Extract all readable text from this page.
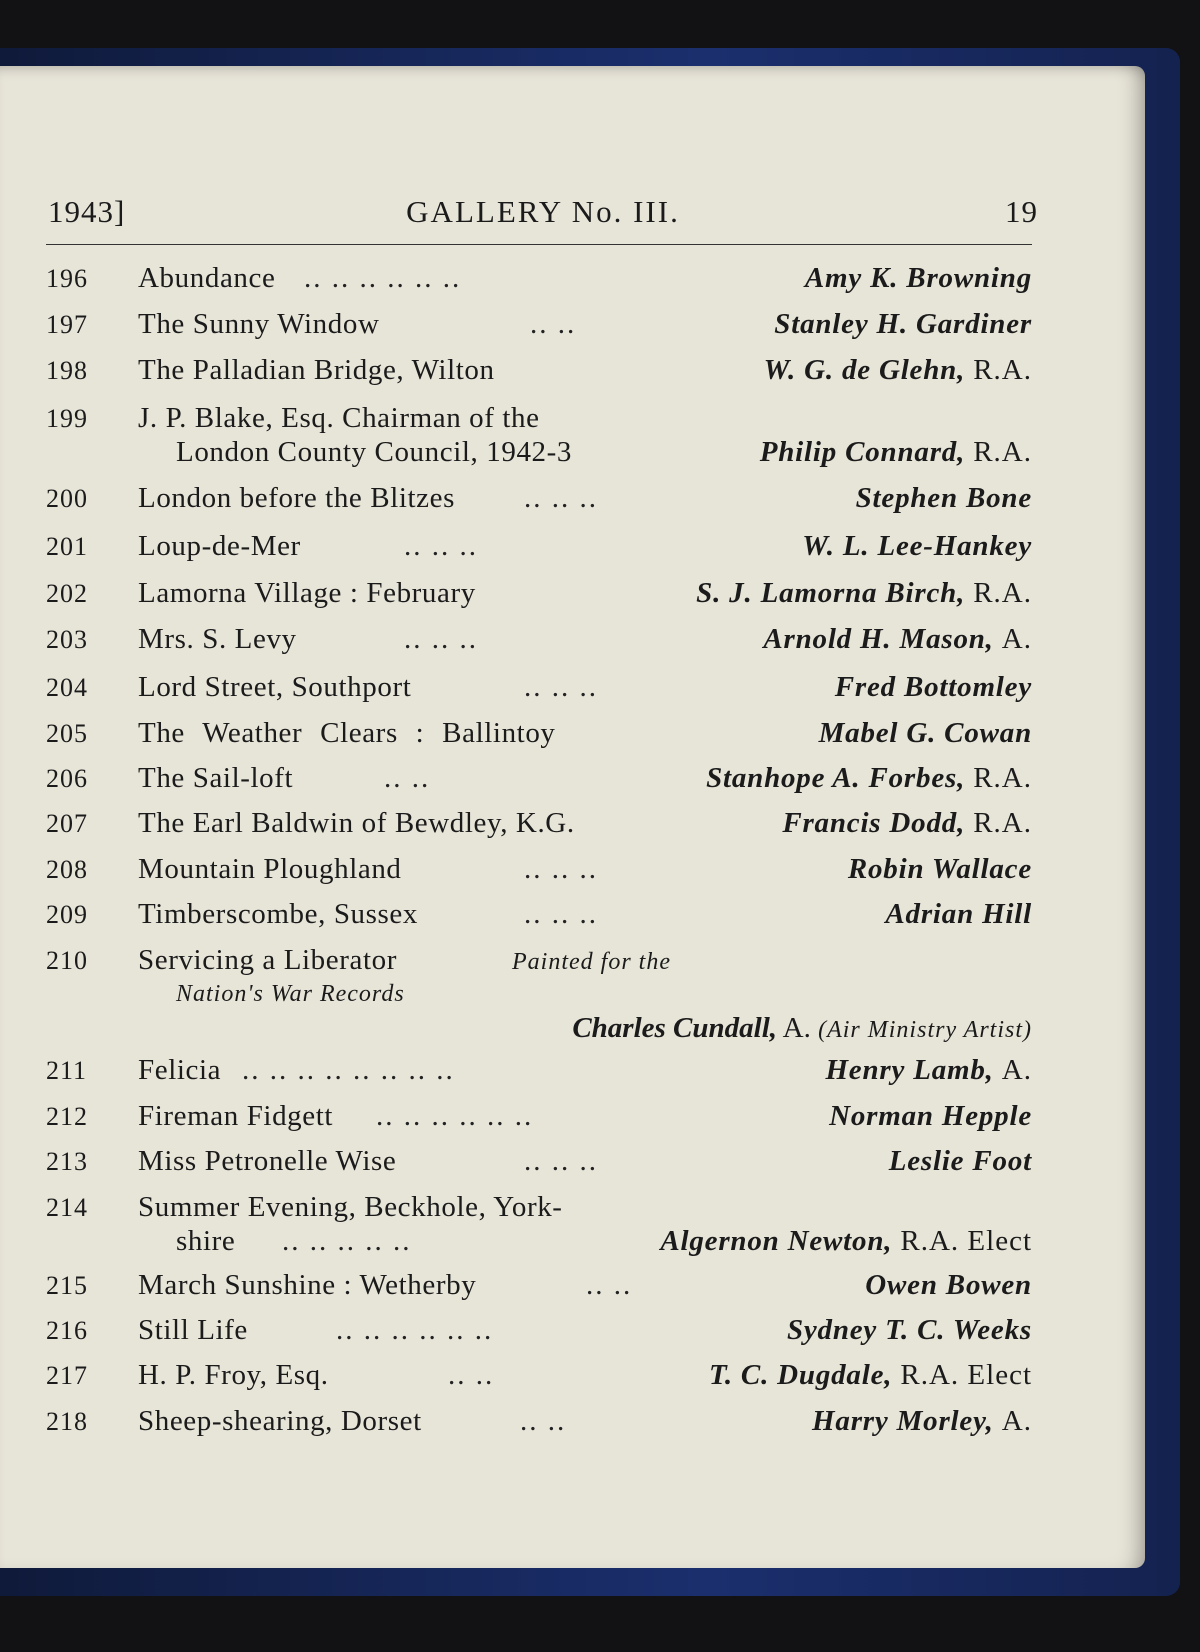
1943]	GALLERY No. III.	19
196	Abundance .. .. .. .. .. ..	Amy K. Browning
197	The Sunny Window	.. ..	Stanley H. Gardiner
198	The Palladian Bridge, Wilton	W. G. de Glehn, R.A.
199	J. P. Blake, Esq. Chairman of the
London County Council, 1942-3	Philip Connard, R.A.
200	London before the Blitzes .. .. ..	Stephen Bone
201	Loup-de-Mer	.. .. ..	W. L. Lee-Hankey
202	Lamorna Village : February	S. J. Lamorna Birch, R.A.
203	Mrs. S. Levy	.. .. ..	Arnold H. Mason, A.
204	Lord Street, Southport	.. .. ..	Fred Bottomley
205	The Weather Clears : Ballintoy	Mabel G. Cowan
206	The Sail-loft	.. ..	Stanhope A. Forbes, R.A.
207	The Earl Baldwin of Bewdley, K.G.	Francis Dodd, R.A.
208	Mountain Ploughland	.. .. ..	Robin Wallace
209	Timberscombe, Sussex	.. .. ..	Adrian Hill
210	Servicing a Liberator	Painted for the
Nation's War Records
Charles Cundall, A. (Air Ministry Artist)
211	Felicia .. .. .. .. .. .. .. ..	Henry Lamb, A.
212	Fireman Fidgett .. .. .. .. .. ..	Norman Hepple
213	Miss Petronelle Wise	.. .. ..	Leslie Foot
214	Summer Evening, Beckhole, York-
shire .. .. .. .. ..	Algernon Newton, R.A. Elect
215	March Sunshine : Wetherby	.. ..	Owen Bowen
216	Still Life	.. .. .. .. .. ..	Sydney T. C. Weeks
217	H. P. Froy, Esq.	.. ..	T. C. Dugdale, R.A. Elect
218	Sheep-shearing, Dorset	.. ..	Harry Morley, A.
